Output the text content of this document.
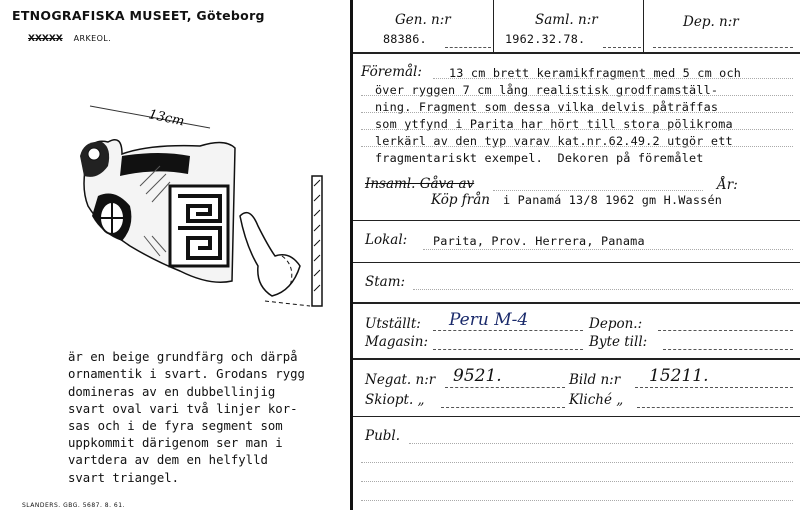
ETNOGRAFISKA MUSEET, Göteborg
XXXXX ARKEOL.
13cm

är en beige grundfärg och därpå
ornamentik i svart. Grodans rygg
domineras av en dubbellinjig
svart oval vari två linjer kor-
sas och i de fyra segment som
uppkommit därigenom ser man i
vartdera av dem en helfylld
svart triangel.

SLANDERS. GBG. 5687. 8. 61.
Gen. n:r
88386.
Saml. n:r
1962.32.78.
Dep. n:r
Föremål: 13 cm brett keramikfragment med 5 cm och
över ryggen 7 cm lång realistisk grodframställ-
ning. Fragment som dessa vilka delvis påträffas
som ytfynd i Parita har hört till stora pölikroma
lerkärl av den typ varav kat.nr.62.49.2 utgör ett
fragmentariskt exempel.  Dekoren på föremålet
Insaml. Gåva av
Köp från i Panamá 13/8 1962 gm H.Wassén
År:
Lokal: Parita, Prov. Herrera, Panama
Stam:
Utställt: Peru M-4
Magasin:
Depon.:
Byte till:
Negat. n:r 9521.	Bild n:r 15211.
Skiopt. „	Kliché „
Publ.
